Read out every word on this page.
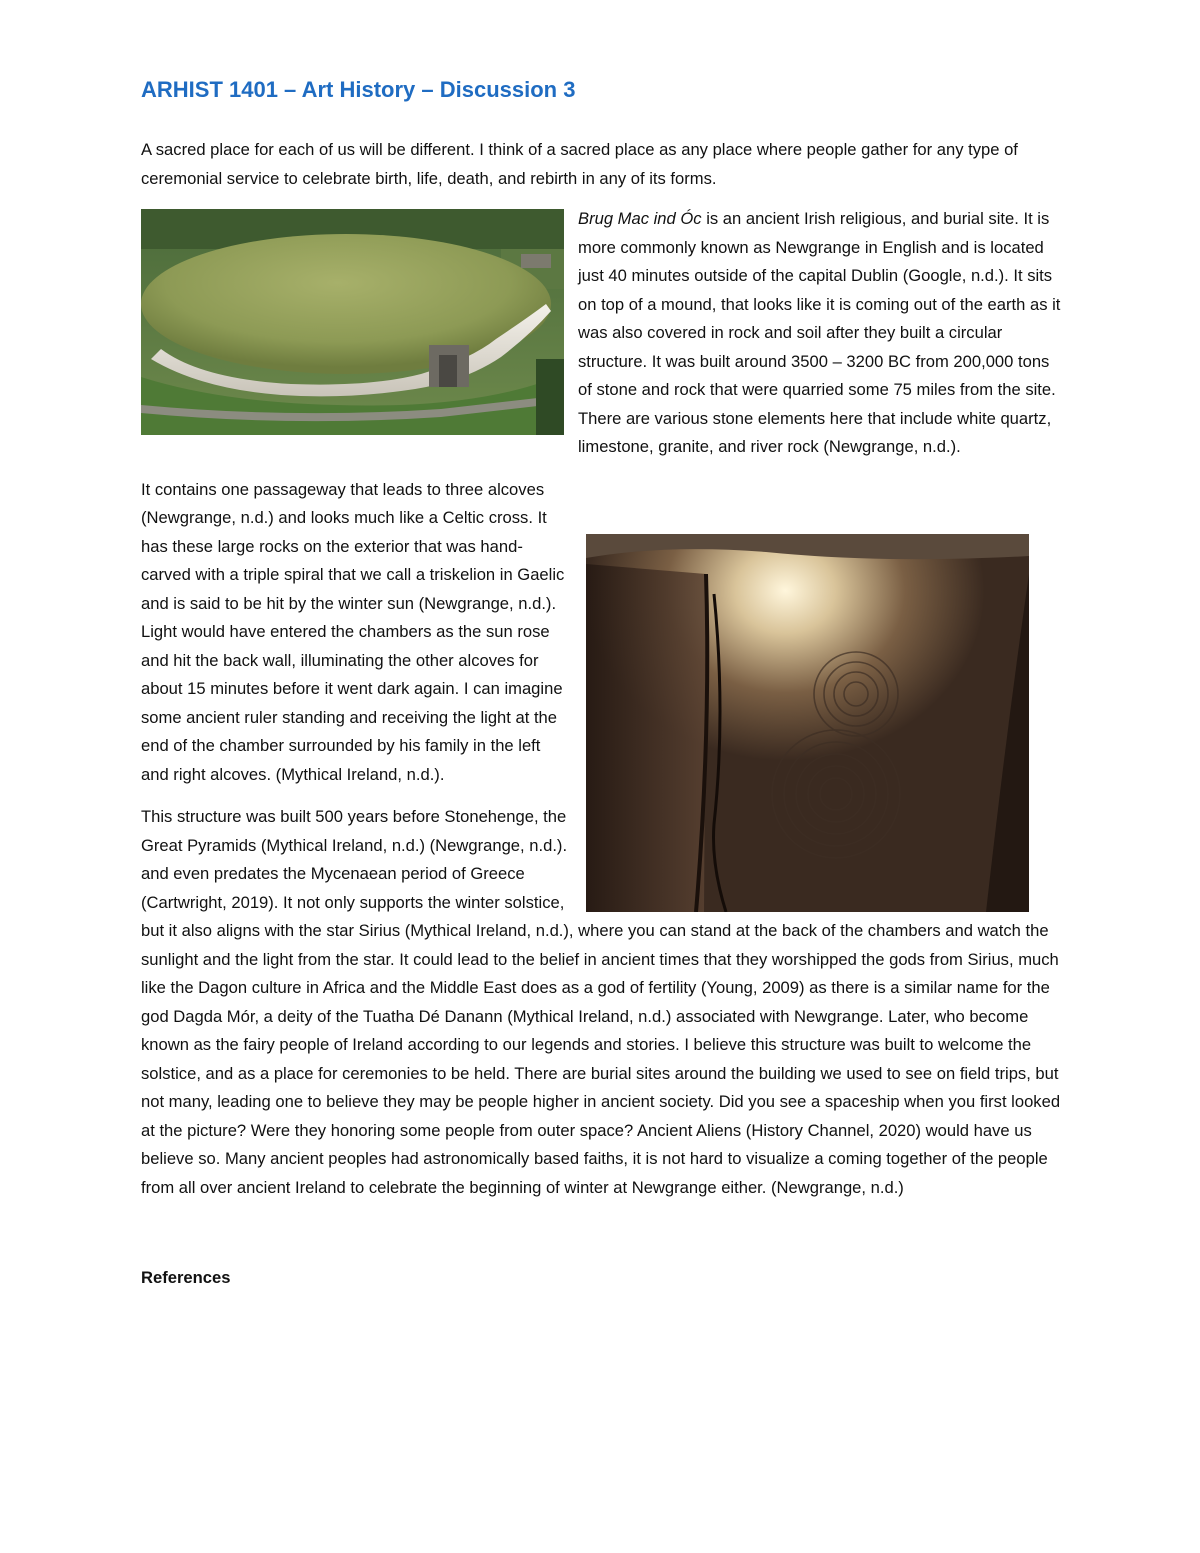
ARHIST 1401 – Art History – Discussion 3

A sacred place for each of us will be different. I think of a sacred place as any place where people gather for any type of ceremonial service to celebrate birth, life, death, and rebirth in any of its forms.

Brug Mac ind Óc is an ancient Irish religious, and burial site. It is more commonly known as Newgrange in English and is located just 40 minutes outside of the capital Dublin (Google, n.d.). It sits on top of a mound, that looks like it is coming out of the earth as it was also covered in rock and soil after they built a circular structure. It was built around 3500 – 3200 BC from 200,000 tons of stone and rock that were quarried some 75 miles from the site. There are various stone elements here that include white quartz, limestone, granite, and river rock (Newgrange, n.d.).

It contains one passageway that leads to three alcoves (Newgrange, n.d.) and looks much like a Celtic cross. It has these large rocks on the exterior that was hand-carved with a triple spiral that we call a triskelion in Gaelic and is said to be hit by the winter sun (Newgrange, n.d.). Light would have entered the chambers as the sun rose and hit the back wall, illuminating the other alcoves for about 15 minutes before it went dark again. I can imagine some ancient ruler standing and receiving the light at the end of the chamber surrounded by his family in the left and right alcoves. (Mythical Ireland, n.d.).

This structure was built 500 years before Stonehenge, the Great Pyramids (Mythical Ireland, n.d.) (Newgrange, n.d.). and even predates the Mycenaean period of Greece (Cartwright, 2019). It not only supports the winter solstice, but it also aligns with the star Sirius (Mythical Ireland, n.d.), where you can stand at the back of the chambers and watch the sunlight and the light from the star. It could lead to the belief in ancient times that they worshipped the gods from Sirius, much like the Dagon culture in Africa and the Middle East does as a god of fertility (Young, 2009) as there is a similar name for the god Dagda Mór, a deity of the Tuatha Dé Danann (Mythical Ireland, n.d.) associated with Newgrange. Later, who become known as the fairy people of Ireland according to our legends and stories. I believe this structure was built to welcome the solstice, and as a place for ceremonies to be held. There are burial sites around the building we used to see on field trips, but not many, leading one to believe they may be people higher in ancient society. Did you see a spaceship when you first looked at the picture? Were they honoring some people from outer space? Ancient Aliens (History Channel, 2020) would have us believe so. Many ancient peoples had astronomically based faiths, it is not hard to visualize a coming together of the people from all over ancient Ireland to celebrate the beginning of winter at Newgrange either. (Newgrange, n.d.)

References
